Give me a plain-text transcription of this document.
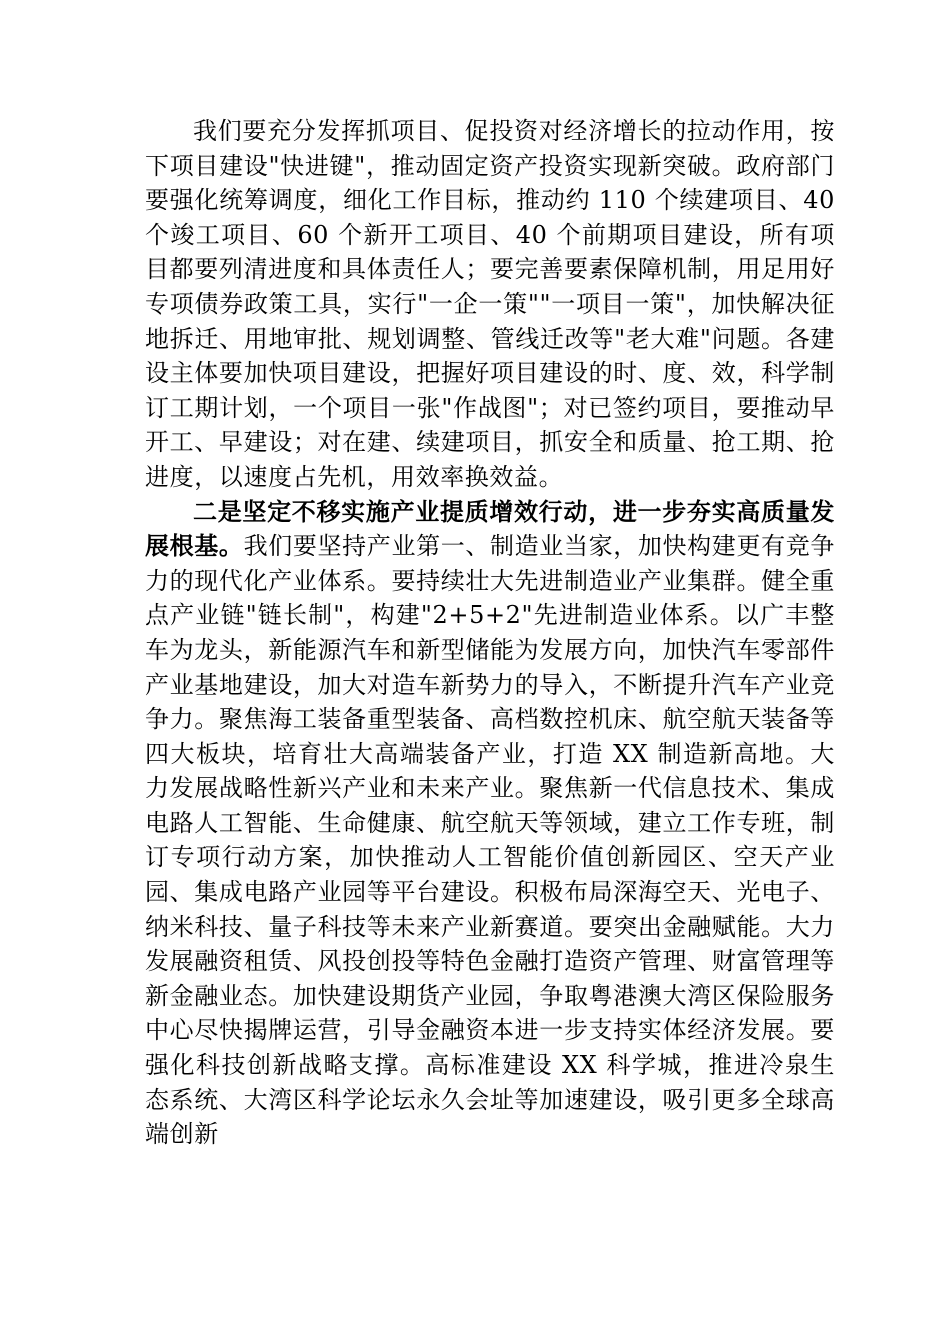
我们要充分发挥抓项目、促投资对经济增长的拉动作用，按下项目建设"快进键"，推动固定资产投资实现新突破。政府部门要强化统筹调度，细化工作目标，推动约 110 个续建项目、40 个竣工项目、60 个新开工项目、40 个前期项目建设，所有项目都要列清进度和具体责任人；要完善要素保障机制，用足用好专项债券政策工具，实行"一企一策""一项目一策"，加快解决征地拆迁、用地审批、规划调整、管线迁改等"老大难"问题。各建设主体要加快项目建设，把握好项目建设的时、度、效，科学制订工期计划，一个项目一张"作战图"；对已签约项目，要推动早开工、早建设；对在建、续建项目，抓安全和质量、抢工期、抢进度，以速度占先机，用效率换效益。

二是坚定不移实施产业提质增效行动，进一步夯实高质量发展根基。我们要坚持产业第一、制造业当家，加快构建更有竞争力的现代化产业体系。要持续壮大先进制造业产业集群。健全重点产业链"链长制"，构建"2+5+2"先进制造业体系。以广丰整车为龙头，新能源汽车和新型储能为发展方向，加快汽车零部件产业基地建设，加大对造车新势力的导入，不断提升汽车产业竞争力。聚焦海工装备重型装备、高档数控机床、航空航天装备等四大板块，培育壮大高端装备产业，打造 XX 制造新高地。大力发展战略性新兴产业和未来产业。聚焦新一代信息技术、集成电路人工智能、生命健康、航空航天等领域，建立工作专班，制订专项行动方案，加快推动人工智能价值创新园区、空天产业园、集成电路产业园等平台建设。积极布局深海空天、光电子、纳米科技、量子科技等未来产业新赛道。要突出金融赋能。大力发展融资租赁、风投创投等特色金融打造资产管理、财富管理等新金融业态。加快建设期货产业园，争取粤港澳大湾区保险服务中心尽快揭牌运营，引导金融资本进一步支持实体经济发展。要强化科技创新战略支撑。高标准建设 XX 科学城，推进冷泉生态系统、大湾区科学论坛永久会址等加速建设，吸引更多全球高端创新
